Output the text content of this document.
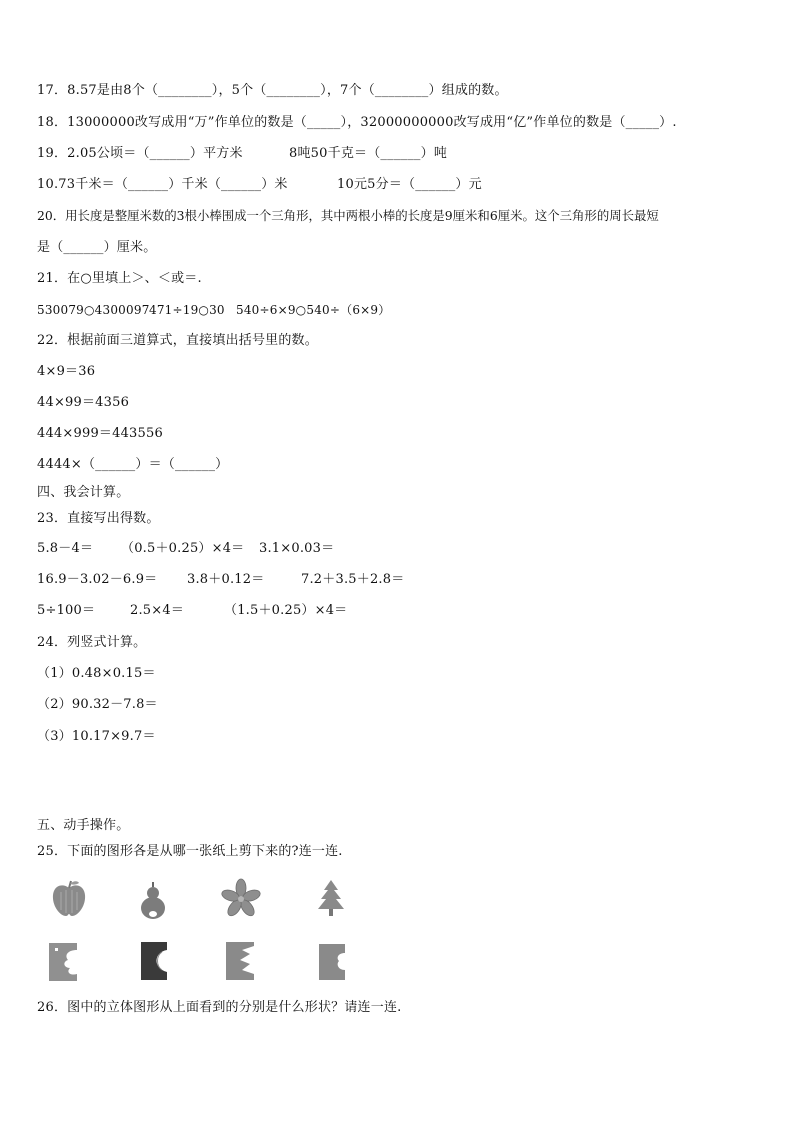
17．8.57是由8个（________），5个（________），7个（________）组成的数。
18．13000000改写成用“万”作单位的数是（_____），32000000000改写成用“亿”作单位的数是（_____）.
19．2.05公顷＝（______）平方米	8吨50千克＝（______）吨
10.73千米＝（______）千米（______）米	10元5分＝（______）元
20．用长度是整厘米数的3根小棒围成一个三角形，其中两根小棒的长度是9厘米和6厘米。这个三角形的周长最短
是（______）厘米。
21．在○里填上＞、＜或＝.
530079○4300097 471÷19○30 540÷6×9○540÷（6×9）
22．根据前面三道算式，直接填出括号里的数。
4×9＝36
44×99＝4356
444×999＝443556
4444×（______）＝（______）
四、我会计算。
23．直接写出得数。
5.8－4＝ （0.5＋0.25）×4＝ 3.1×0.03＝
16.9－3.02－6.9＝ 3.8＋0.12＝	7.2＋3.5＋2.8＝
5÷100＝	2.5×4＝	（1.5＋0.25）×4＝
24．列竖式计算。
（1）0.48×0.15＝
（2）90.32－7.8＝
（3）10.17×9.7＝
五、动手操作。
25．下面的图形各是从哪一张纸上剪下来的?连一连.
26．图中的立体图形从上面看到的分别是什么形状？请连一连.
